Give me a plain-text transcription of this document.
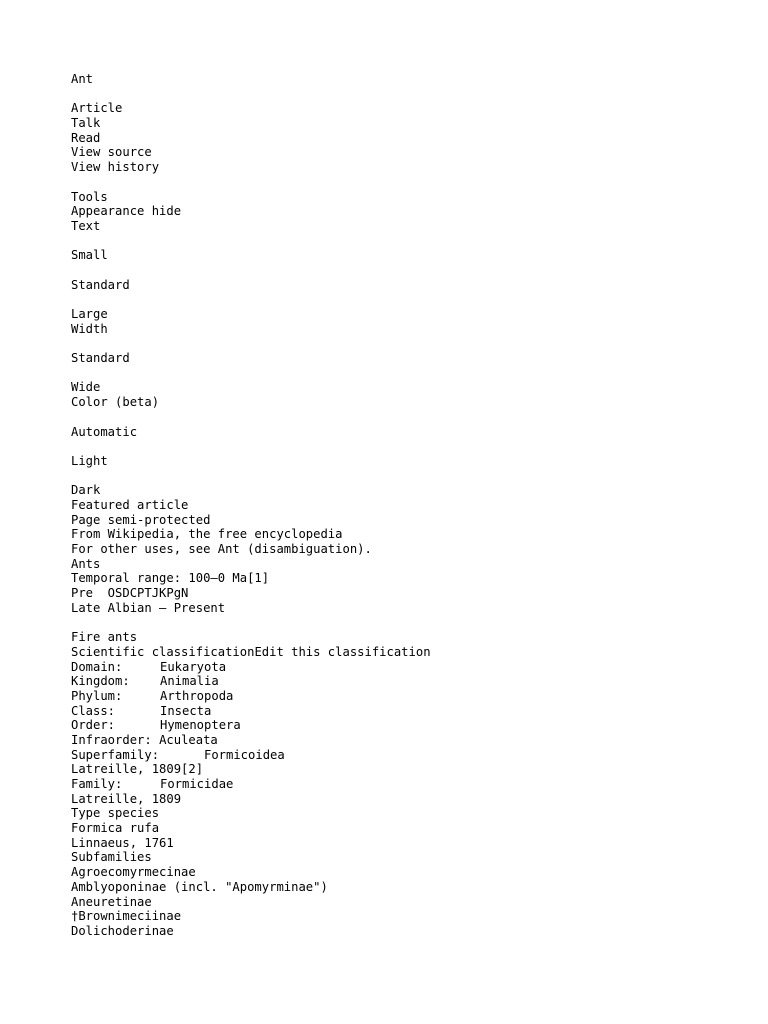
Ant
Article
Talk
Read
View source
View history
Tools
Appearance hide
Text
Small
Standard
Large
Width
Standard
Wide
Color (beta)
Automatic
Light
Dark
Featured article
Page semi-protected
From Wikipedia, the free encyclopedia
For other uses, see Ant (disambiguation).
Ants
Temporal range: 100–0 Ma[1]
Pre  OSDCPTJKPgN
Late Albian – Present
Fire ants
Scientific classificationEdit this classification
Domain:	Eukaryota
Kingdom: Animalia
Phylum:	Arthropoda
Class:	Insecta
Order:	Hymenoptera
Infraorder: Aculeata
Superfamily:	Formicoidea
Latreille, 1809[2]
Family:	Formicidae
Latreille, 1809
Type species
Formica rufa
Linnaeus, 1761
Subfamilies
Agroecomyrmecinae
Amblyoponinae (incl. "Apomyrminae")
Aneuretinae
†Brownimeciinae
Dolichoderinae
